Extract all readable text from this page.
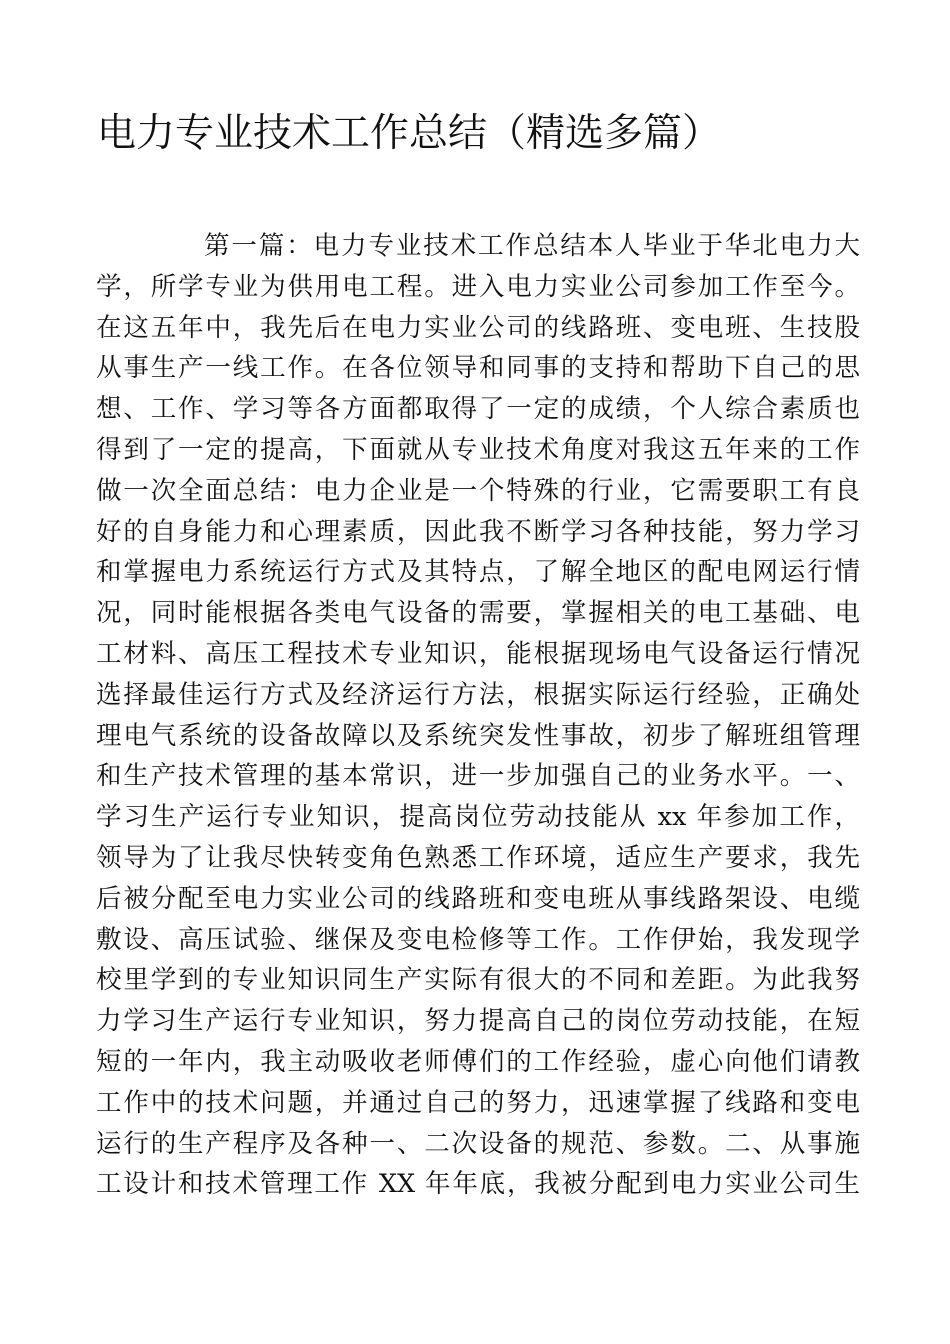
电力专业技术工作总结（精选多篇）
第一篇：电力专业技术工作总结本人毕业于华北电力大
学，所学专业为供用电工程。进入电力实业公司参加工作至今。
在这五年中，我先后在电力实业公司的线路班、变电班、生技股
从事生产一线工作。在各位领导和同事的支持和帮助下自己的思
想、工作、学习等各方面都取得了一定的成绩，个人综合素质也
得到了一定的提高，下面就从专业技术角度对我这五年来的工作
做一次全面总结：电力企业是一个特殊的行业，它需要职工有良
好的自身能力和心理素质，因此我不断学习各种技能，努力学习
和掌握电力系统运行方式及其特点，了解全地区的配电网运行情
况，同时能根据各类电气设备的需要，掌握相关的电工基础、电
工材料、高压工程技术专业知识，能根据现场电气设备运行情况
选择最佳运行方式及经济运行方法，根据实际运行经验，正确处
理电气系统的设备故障以及系统突发性事故，初步了解班组管理
和生产技术管理的基本常识，进一步加强自己的业务水平。一、
学习生产运行专业知识，提高岗位劳动技能从 xx 年参加工作，
领导为了让我尽快转变角色熟悉工作环境，适应生产要求，我先
后被分配至电力实业公司的线路班和变电班从事线路架设、电缆
敷设、高压试验、继保及变电检修等工作。工作伊始，我发现学
校里学到的专业知识同生产实际有很大的不同和差距。为此我努
力学习生产运行专业知识，努力提高自己的岗位劳动技能，在短
短的一年内，我主动吸收老师傅们的工作经验，虚心向他们请教
工作中的技术问题，并通过自己的努力，迅速掌握了线路和变电
运行的生产程序及各种一、二次设备的规范、参数。二、从事施
工设计和技术管理工作 XX 年年底，我被分配到电力实业公司生
